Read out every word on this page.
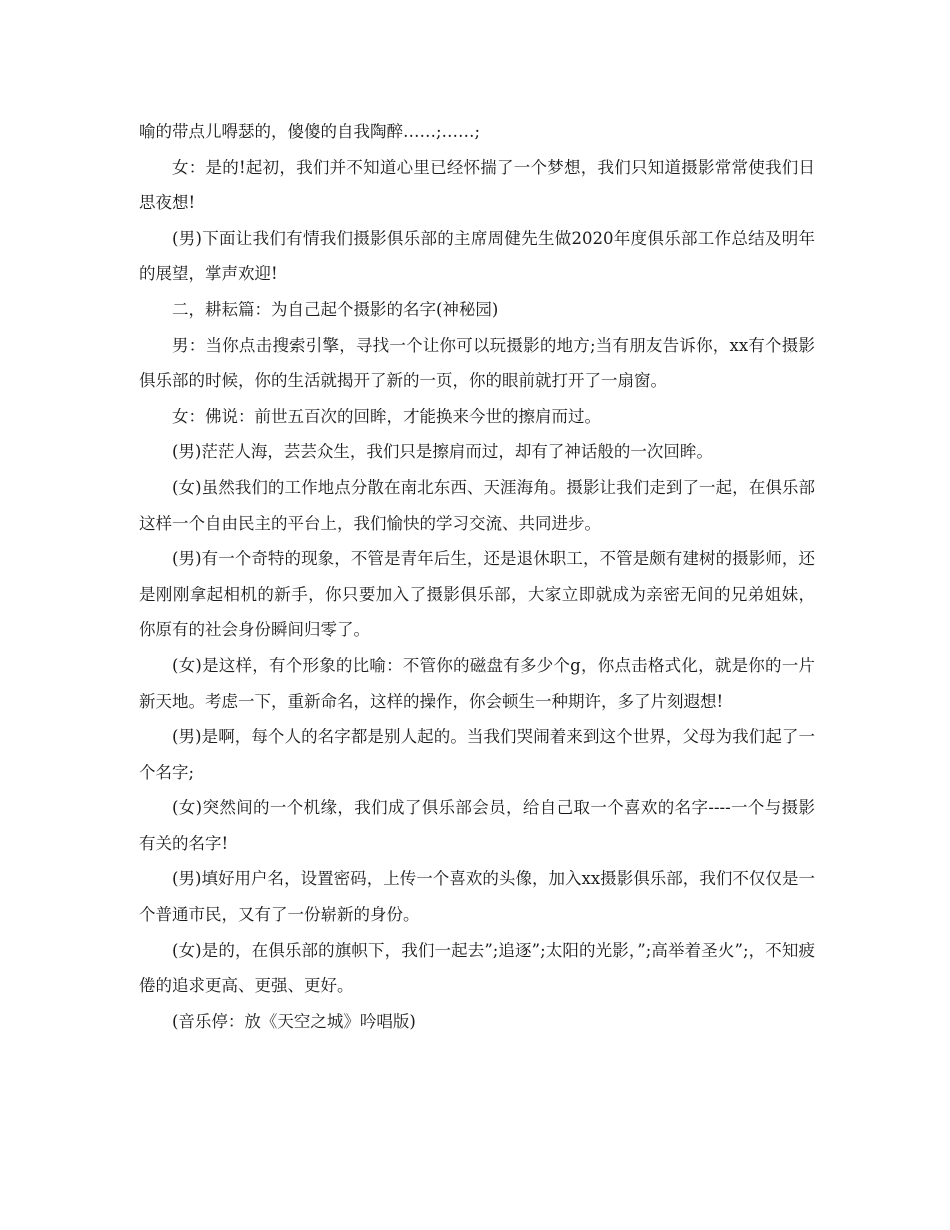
喻的带点儿嘚瑟的，傻傻的自我陶醉……;……;

女：是的!起初，我们并不知道心里已经怀揣了一个梦想，我们只知道摄影常常使我们日思夜想!

(男)下面让我们有情我们摄影俱乐部的主席周健先生做2020年度俱乐部工作总结及明年的展望，掌声欢迎!

二，耕耘篇：为自己起个摄影的名字(神秘园)

男：当你点击搜索引擎，寻找一个让你可以玩摄影的地方;当有朋友告诉你，xx有个摄影俱乐部的时候，你的生活就揭开了新的一页，你的眼前就打开了一扇窗。

女：佛说：前世五百次的回眸，才能换来今世的擦肩而过。

(男)茫茫人海，芸芸众生，我们只是擦肩而过，却有了神话般的一次回眸。

(女)虽然我们的工作地点分散在南北东西、天涯海角。摄影让我们走到了一起，在俱乐部这样一个自由民主的平台上，我们愉快的学习交流、共同进步。

(男)有一个奇特的现象，不管是青年后生，还是退休职工，不管是颇有建树的摄影师，还是刚刚拿起相机的新手，你只要加入了摄影俱乐部，大家立即就成为亲密无间的兄弟姐妹，你原有的社会身份瞬间归零了。

(女)是这样，有个形象的比喻：不管你的磁盘有多少个g，你点击格式化，就是你的一片新天地。考虑一下，重新命名，这样的操作，你会顿生一种期许，多了片刻遐想!

(男)是啊，每个人的名字都是别人起的。当我们哭闹着来到这个世界，父母为我们起了一个名字;

(女)突然间的一个机缘，我们成了俱乐部会员，给自己取一个喜欢的名字----一个与摄影有关的名字!

(男)填好用户名，设置密码，上传一个喜欢的头像，加入xx摄影俱乐部，我们不仅仅是一个普通市民，又有了一份崭新的身份。

(女)是的，在俱乐部的旗帜下，我们一起去”;追逐”;太阳的光影，”;高举着圣火”;，不知疲倦的追求更高、更强、更好。

(音乐停：放《天空之城》吟唱版)
